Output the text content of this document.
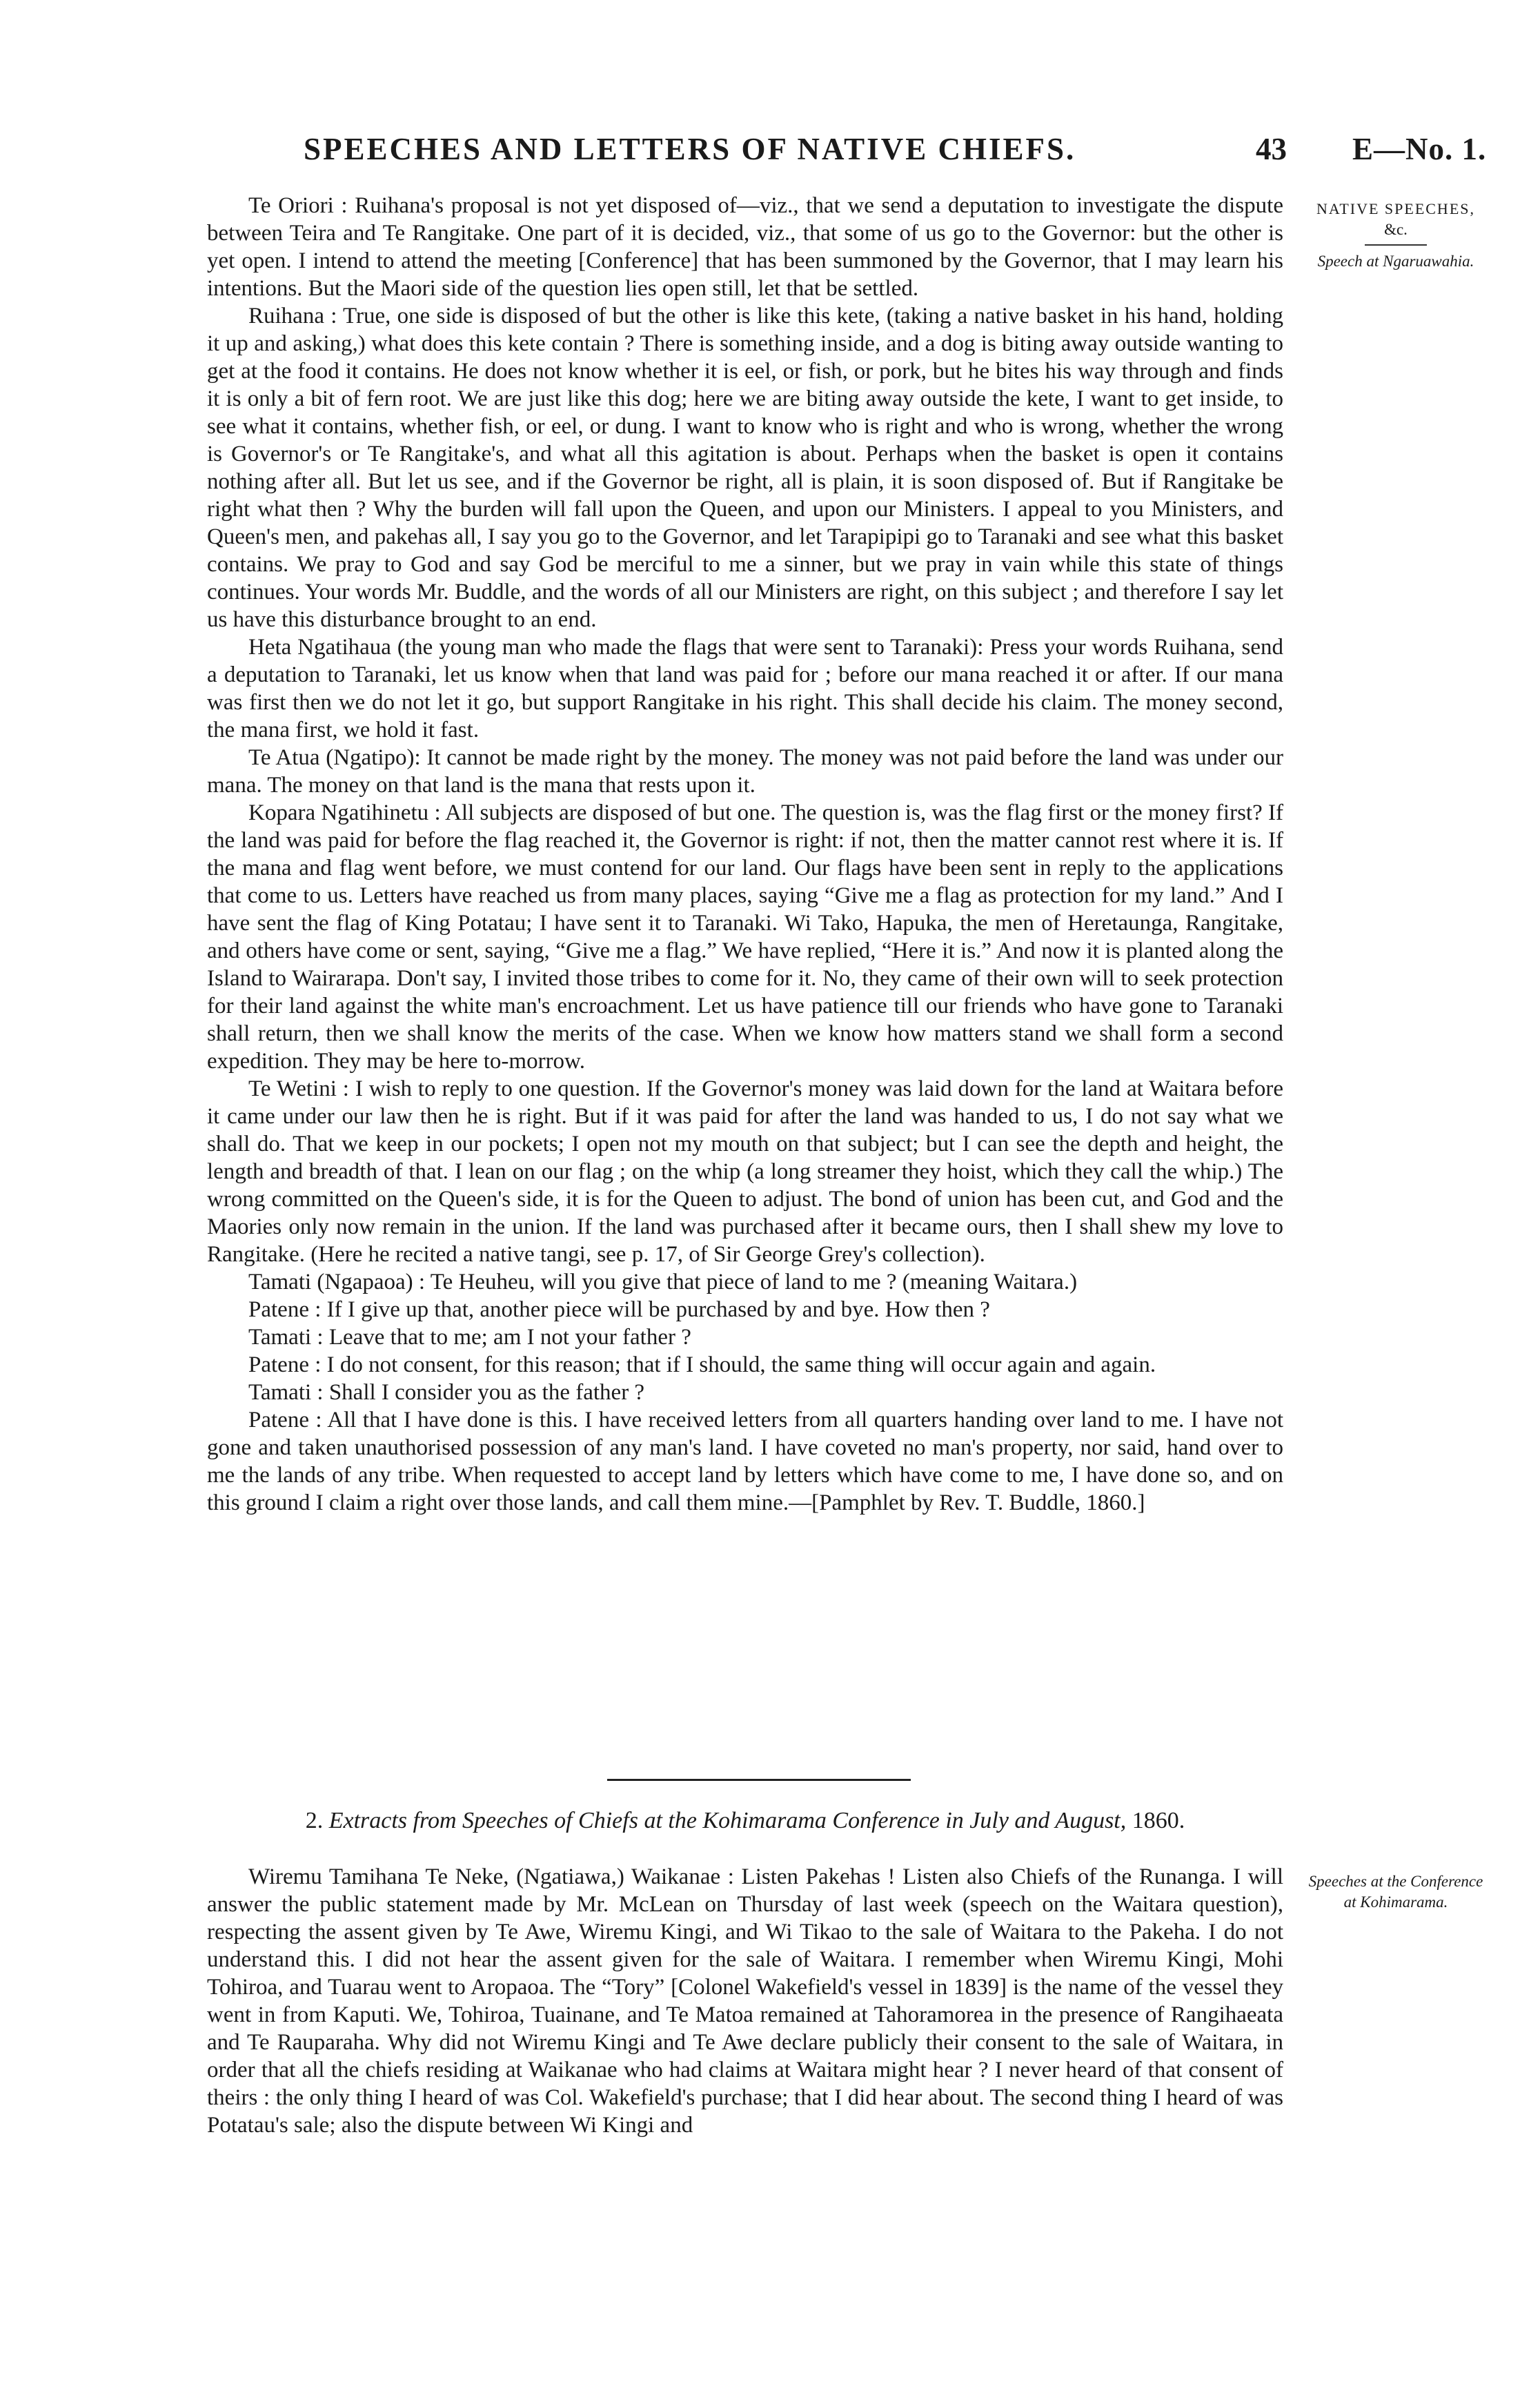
SPEECHES AND LETTERS OF NATIVE CHIEFS.	43 E—No. 1.
NATIVE SPEECHES,
&c.
Speech at Ngaruawahia.

Te Oriori : Ruihana's proposal is not yet disposed of—viz., that we send a deputation to investigate the dispute between Teira and Te Rangitake. One part of it is decided, viz., that some of us go to the Governor: but the other is yet open. I intend to attend the meeting [Conference] that has been summoned by the Governor, that I may learn his intentions. But the Maori side of the question lies open still, let that be settled.

Ruihana : True, one side is disposed of but the other is like this kete, (taking a native basket in his hand, holding it up and asking,) what does this kete contain ? There is something inside, and a dog is biting away outside wanting to get at the food it contains. He does not know whether it is eel, or fish, or pork, but he bites his way through and finds it is only a bit of fern root. We are just like this dog; here we are biting away outside the kete, I want to get inside, to see what it contains, whether fish, or eel, or dung. I want to know who is right and who is wrong, whether the wrong is Governor's or Te Rangitake's, and what all this agitation is about. Perhaps when the basket is open it contains nothing after all. But let us see, and if the Governor be right, all is plain, it is soon disposed of. But if Rangitake be right what then ? Why the burden will fall upon the Queen, and upon our Ministers. I appeal to you Ministers, and Queen's men, and pakehas all, I say you go to the Governor, and let Tarapipipi go to Taranaki and see what this basket contains. We pray to God and say God be merciful to me a sinner, but we pray in vain while this state of things continues. Your words Mr. Buddle, and the words of all our Ministers are right, on this subject ; and therefore I say let us have this disturbance brought to an end.

Heta Ngatihaua (the young man who made the flags that were sent to Taranaki): Press your words Ruihana, send a deputation to Taranaki, let us know when that land was paid for ; before our mana reached it or after. If our mana was first then we do not let it go, but support Rangitake in his right. This shall decide his claim. The money second, the mana first, we hold it fast.

Te Atua (Ngatipo): It cannot be made right by the money. The money was not paid before the land was under our mana. The money on that land is the mana that rests upon it.

Kopara Ngatihinetu : All subjects are disposed of but one. The question is, was the flag first or the money first? If the land was paid for before the flag reached it, the Governor is right: if not, then the matter cannot rest where it is. If the mana and flag went before, we must contend for our land. Our flags have been sent in reply to the applications that come to us. Letters have reached us from many places, saying “Give me a flag as protection for my land.” And I have sent the flag of King Potatau; I have sent it to Taranaki. Wi Tako, Hapuka, the men of Heretaunga, Rangitake, and others have come or sent, saying, “Give me a flag.” We have replied, “Here it is.” And now it is planted along the Island to Wairarapa. Don't say, I invited those tribes to come for it. No, they came of their own will to seek protection for their land against the white man's encroachment. Let us have patience till our friends who have gone to Taranaki shall return, then we shall know the merits of the case. When we know how matters stand we shall form a second expedition. They may be here to-morrow.

Te Wetini : I wish to reply to one question. If the Governor's money was laid down for the land at Waitara before it came under our law then he is right. But if it was paid for after the land was handed to us, I do not say what we shall do. That we keep in our pockets; I open not my mouth on that subject; but I can see the depth and height, the length and breadth of that. I lean on our flag ; on the whip (a long streamer they hoist, which they call the whip.) The wrong committed on the Queen's side, it is for the Queen to adjust. The bond of union has been cut, and God and the Maories only now remain in the union. If the land was purchased after it became ours, then I shall shew my love to Rangitake. (Here he recited a native tangi, see p. 17, of Sir George Grey's collection).

Tamati (Ngapaoa) : Te Heuheu, will you give that piece of land to me ? (meaning Waitara.)

Patene : If I give up that, another piece will be purchased by and bye. How then ?

Tamati : Leave that to me; am I not your father ?

Patene : I do not consent, for this reason; that if I should, the same thing will occur again and again.

Tamati : Shall I consider you as the father ?

Patene : All that I have done is this. I have received letters from all quarters handing over land to me. I have not gone and taken unauthorised possession of any man's land. I have coveted no man's property, nor said, hand over to me the lands of any tribe. When requested to accept land by letters which have come to me, I have done so, and on this ground I claim a right over those lands, and call them mine.—[Pamphlet by Rev. T. Buddle, 1860.]

2. Extracts from Speeches of Chiefs at the Kohimarama Conference in July and August, 1860.
Speeches at the Conference at Kohimarama.

Wiremu Tamihana Te Neke, (Ngatiawa,) Waikanae : Listen Pakehas ! Listen also Chiefs of the Runanga. I will answer the public statement made by Mr. McLean on Thursday of last week (speech on the Waitara question), respecting the assent given by Te Awe, Wiremu Kingi, and Wi Tikao to the sale of Waitara to the Pakeha. I do not understand this. I did not hear the assent given for the sale of Waitara. I remember when Wiremu Kingi, Mohi Tohiroa, and Tuarau went to Aropaoa. The “Tory” [Colonel Wakefield's vessel in 1839] is the name of the vessel they went in from Kaputi. We, Tohiroa, Tuainane, and Te Matoa remained at Tahoramorea in the presence of Rangihaeata and Te Rauparaha. Why did not Wiremu Kingi and Te Awe declare publicly their consent to the sale of Waitara, in order that all the chiefs residing at Waikanae who had claims at Waitara might hear ? I never heard of that consent of theirs : the only thing I heard of was Col. Wakefield's purchase; that I did hear about. The second thing I heard of was Potatau's sale; also the dispute between Wi Kingi and
